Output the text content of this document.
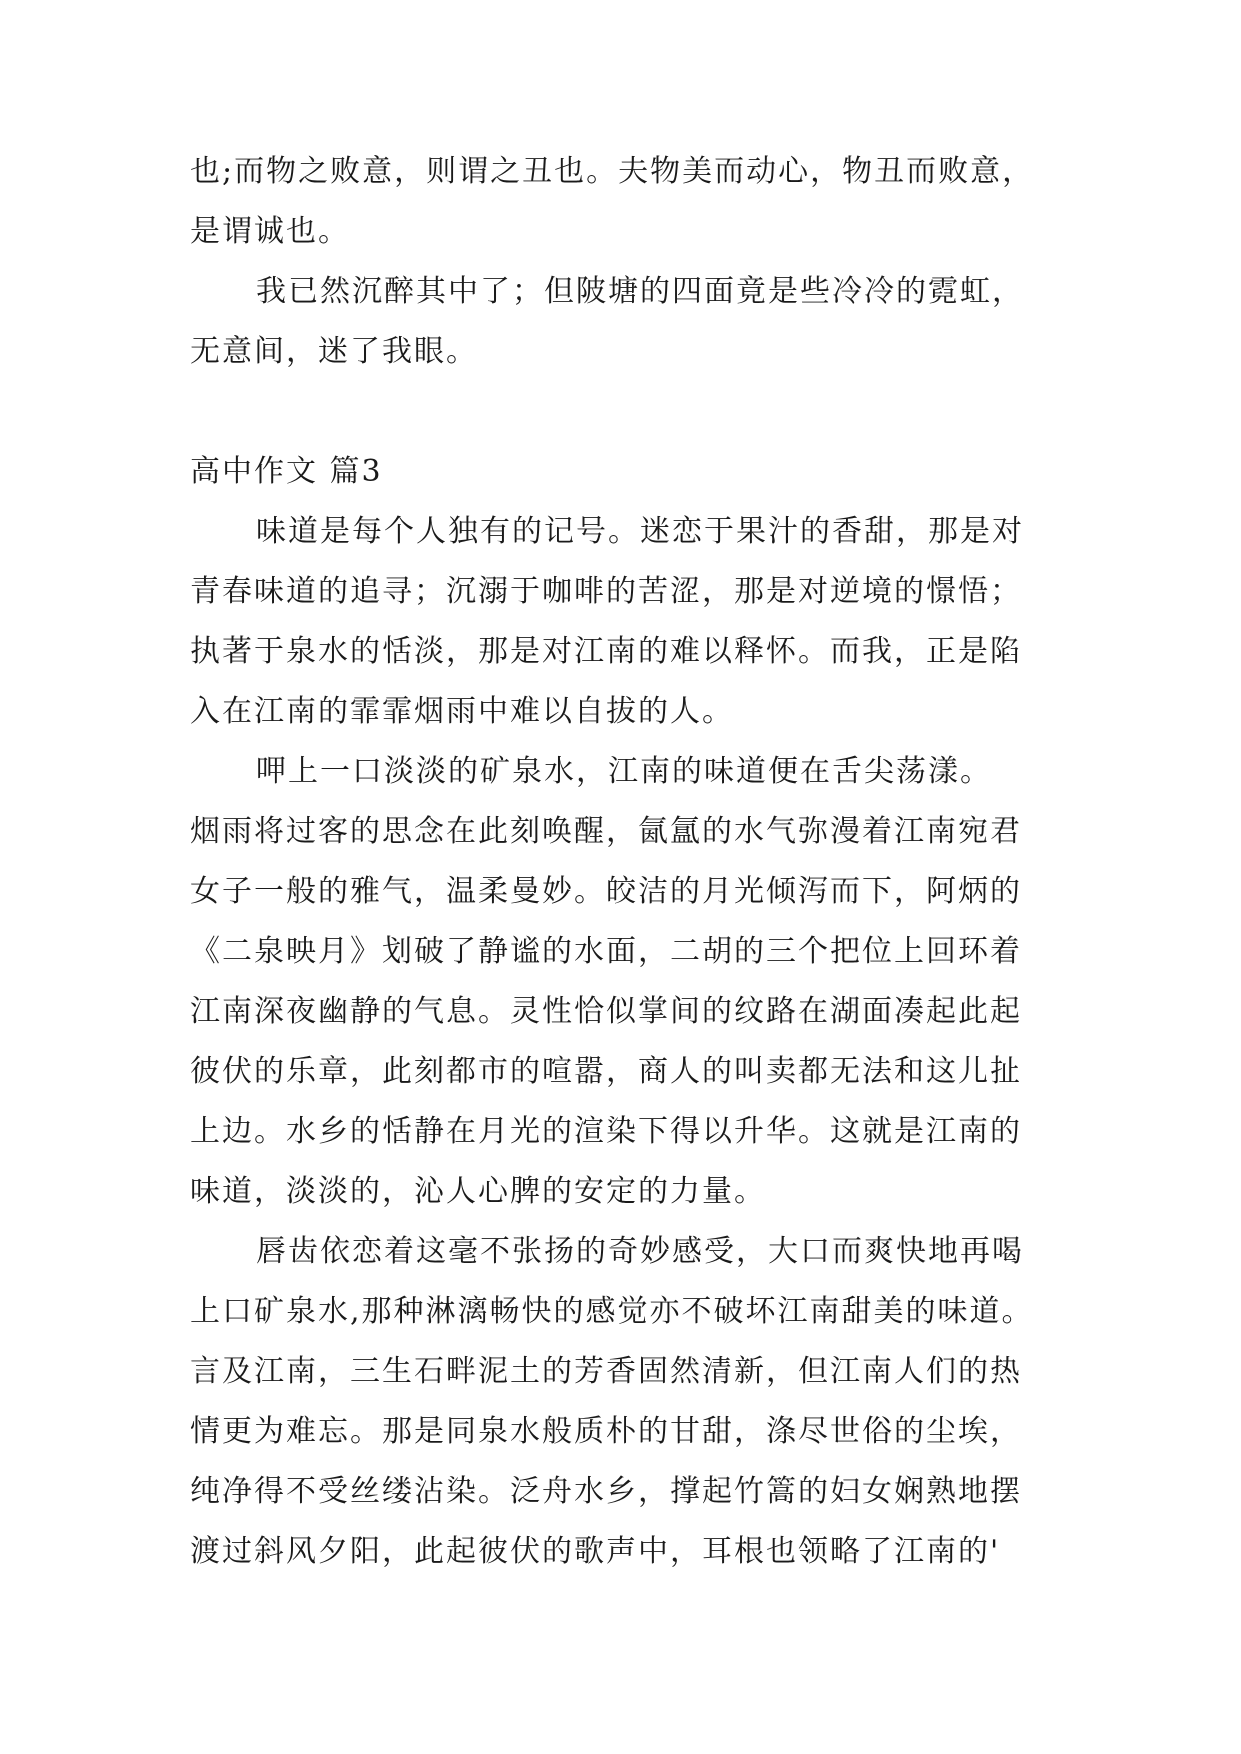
也;而物之败意，则谓之丑也。夫物美而动心，物丑而败意，
是谓诚也。
我已然沉醉其中了；但陂塘的四面竟是些冷冷的霓虹，
无意间，迷了我眼。
高中作文 篇3
味道是每个人独有的记号。迷恋于果汁的香甜，那是对
青春味道的追寻；沉溺于咖啡的苦涩，那是对逆境的憬悟；
执著于泉水的恬淡，那是对江南的难以释怀。而我，正是陷
入在江南的霏霏烟雨中难以自拔的人。
呷上一口淡淡的矿泉水，江南的味道便在舌尖荡漾。
烟雨将过客的思念在此刻唤醒，氤氲的水气弥漫着江南宛君
女子一般的雅气，温柔曼妙。皎洁的月光倾泻而下，阿炳的
《二泉映月》划破了静谧的水面，二胡的三个把位上回环着
江南深夜幽静的气息。灵性恰似掌间的纹路在湖面凑起此起
彼伏的乐章，此刻都市的喧嚣，商人的叫卖都无法和这儿扯
上边。水乡的恬静在月光的渲染下得以升华。这就是江南的
味道，淡淡的，沁人心脾的安定的力量。
唇齿依恋着这毫不张扬的奇妙感受，大口而爽快地再喝
上口矿泉水,那种淋漓畅快的感觉亦不破坏江南甜美的味道。
言及江南，三生石畔泥土的芳香固然清新，但江南人们的热
情更为难忘。那是同泉水般质朴的甘甜，涤尽世俗的尘埃，
纯净得不受丝缕沾染。泛舟水乡，撑起竹篙的妇女娴熟地摆
渡过斜风夕阳，此起彼伏的歌声中，耳根也领略了江南的'
